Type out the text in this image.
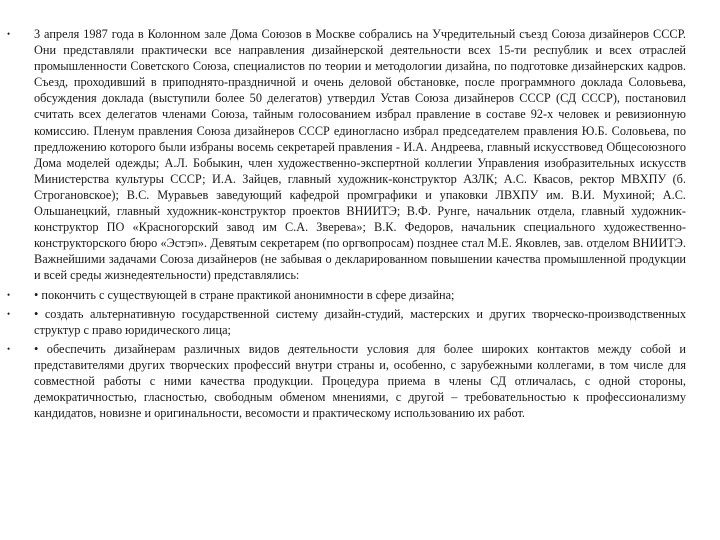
• 3 апреля 1987 года в Колонном зале Дома Союзов в Москве собрались на Учредительный съезд Союза дизайнеров СССР. Они представляли практически все направления дизайнерской деятельности всех 15-ти республик и всех отраслей промышленности Советского Союза, специалистов по теории и методологии дизайна, по подготовке дизайнерских кадров. Съезд, проходивший в приподнято-праздничной и очень деловой обстановке, после программного доклада Соловьева, обсуждения доклада (выступили более 50 делегатов) утвердил Устав Союза дизайнеров СССР (СД СССР), постановил считать всех делегатов членами Союза, тайным голосованием избрал правление в составе 92-х человек и ревизионную комиссию. Пленум правления Союза дизайнеров СССР единогласно избрал председателем правления Ю.Б. Соловьева, по предложению которого были избраны восемь секретарей правления - И.А. Андреева, главный искусствовед Общесоюзного Дома моделей одежды; А.Л. Бобыкин, член художественно-экспертной коллегии Управления изобразительных искусств Министерства культуры СССР; И.А. Зайцев, главный художник-конструктор АЗЛК; А.С. Квасов, ректор МВХПУ (б. Строгановское); В.С. Муравьев заведующий кафедрой промграфики и упаковки ЛВХПУ им. В.И. Мухиной; А.С. Ольшанецкий, главный художник-конструктор проектов ВНИИТЭ; В.Ф. Рунге, начальник отдела, главный художник-конструктор ПО «Красногорский завод им С.А. Зверева»; В.К. Федоров, начальник специального художественно-конструкторского бюро «Эстэп». Девятым секретарем (по оргвопросам) позднее стал М.Е. Яковлев, зав. отделом ВНИИТЭ. Важнейшими задачами Союза дизайнеров (не забывая о декларированном повышении качества промышленной продукции и всей среды жизнедеятельности) представлялись:
• • покончить с существующей в стране практикой анонимности в сфере дизайна;
• • создать альтернативную государственной систему дизайн-студий, мастерских и других творческо-производственных структур с право юридического лица;
• • обеспечить дизайнерам различных видов деятельности условия для более широких контактов между собой и представителями других творческих профессий внутри страны и, особенно, с зарубежными коллегами, в том числе для совместной работы с ними качества продукции. Процедура приема в члены СД отличалась, с одной стороны, демократичностью, гласностью, свободным обменом мнениями, с другой – требовательностью к профессионализму кандидатов, новизне и оригинальности, весомости и практическому использованию их работ.
